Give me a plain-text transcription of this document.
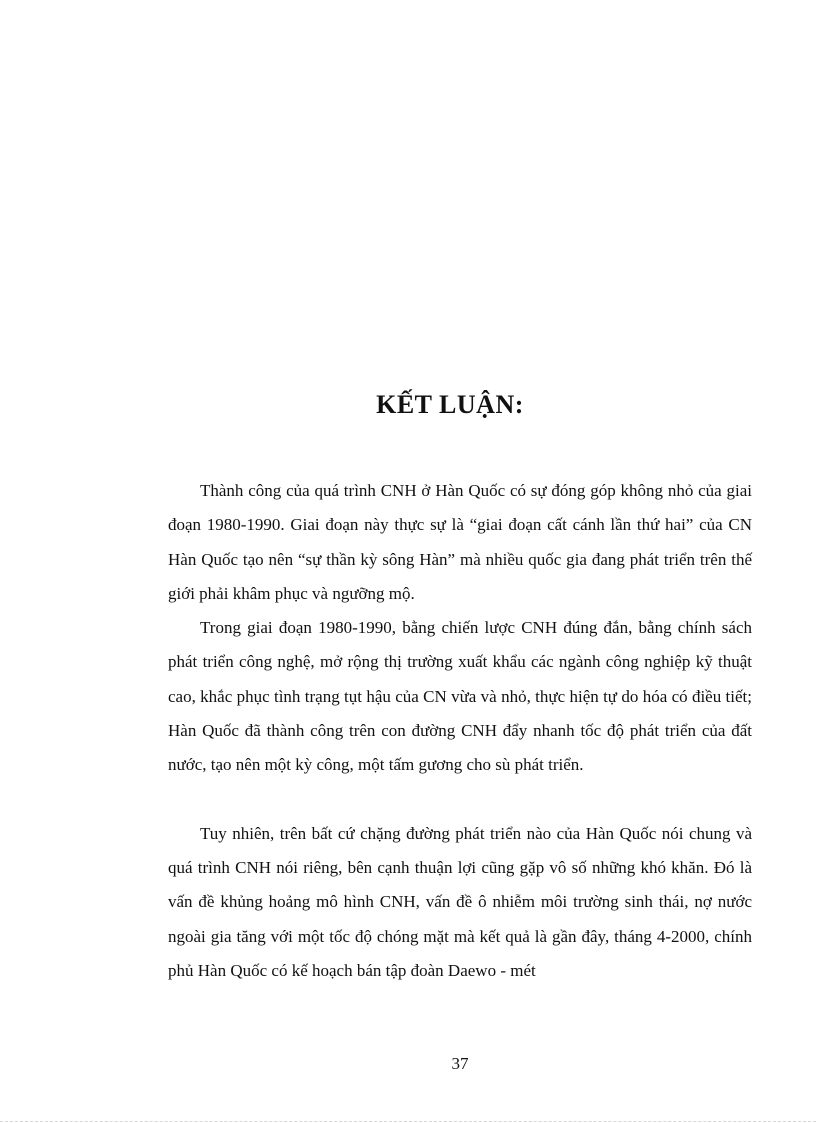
KẾT LUẬN:

Thành công của quá trình CNH ở Hàn Quốc có sự đóng góp không nhỏ của giai đoạn 1980-1990. Giai đoạn này thực sự là “giai đoạn cất cánh lần thứ hai” của CN Hàn Quốc tạo nên “sự thần kỳ sông Hàn” mà nhiều quốc gia đang phát triển trên thế giới phải khâm phục và ngưỡng mộ.

Trong giai đoạn 1980-1990, bằng chiến lược CNH đúng đắn, bằng chính sách phát triển công nghệ, mở rộng thị trường xuất khẩu các ngành công nghiệp kỹ thuật cao, khắc phục tình trạng tụt hậu của CN vừa và nhỏ, thực hiện tự do hóa có điều tiết; Hàn Quốc đã thành công trên con đường CNH đẩy nhanh tốc độ phát triển của đất nước, tạo nên một kỳ công, một tấm gương cho sù phát triển.

Tuy nhiên, trên bất cứ chặng đường phát triển nào của Hàn Quốc nói chung và quá trình CNH nói riêng, bên cạnh thuận lợi cũng gặp vô số những khó khăn. Đó là vấn đề khủng hoảng mô hình CNH, vấn đề ô nhiễm môi trường sinh thái, nợ nước ngoài gia tăng với một tốc độ chóng mặt mà kết quả là gần đây, tháng 4-2000, chính phủ Hàn Quốc có kế hoạch bán tập đoàn Daewo - mét

37
